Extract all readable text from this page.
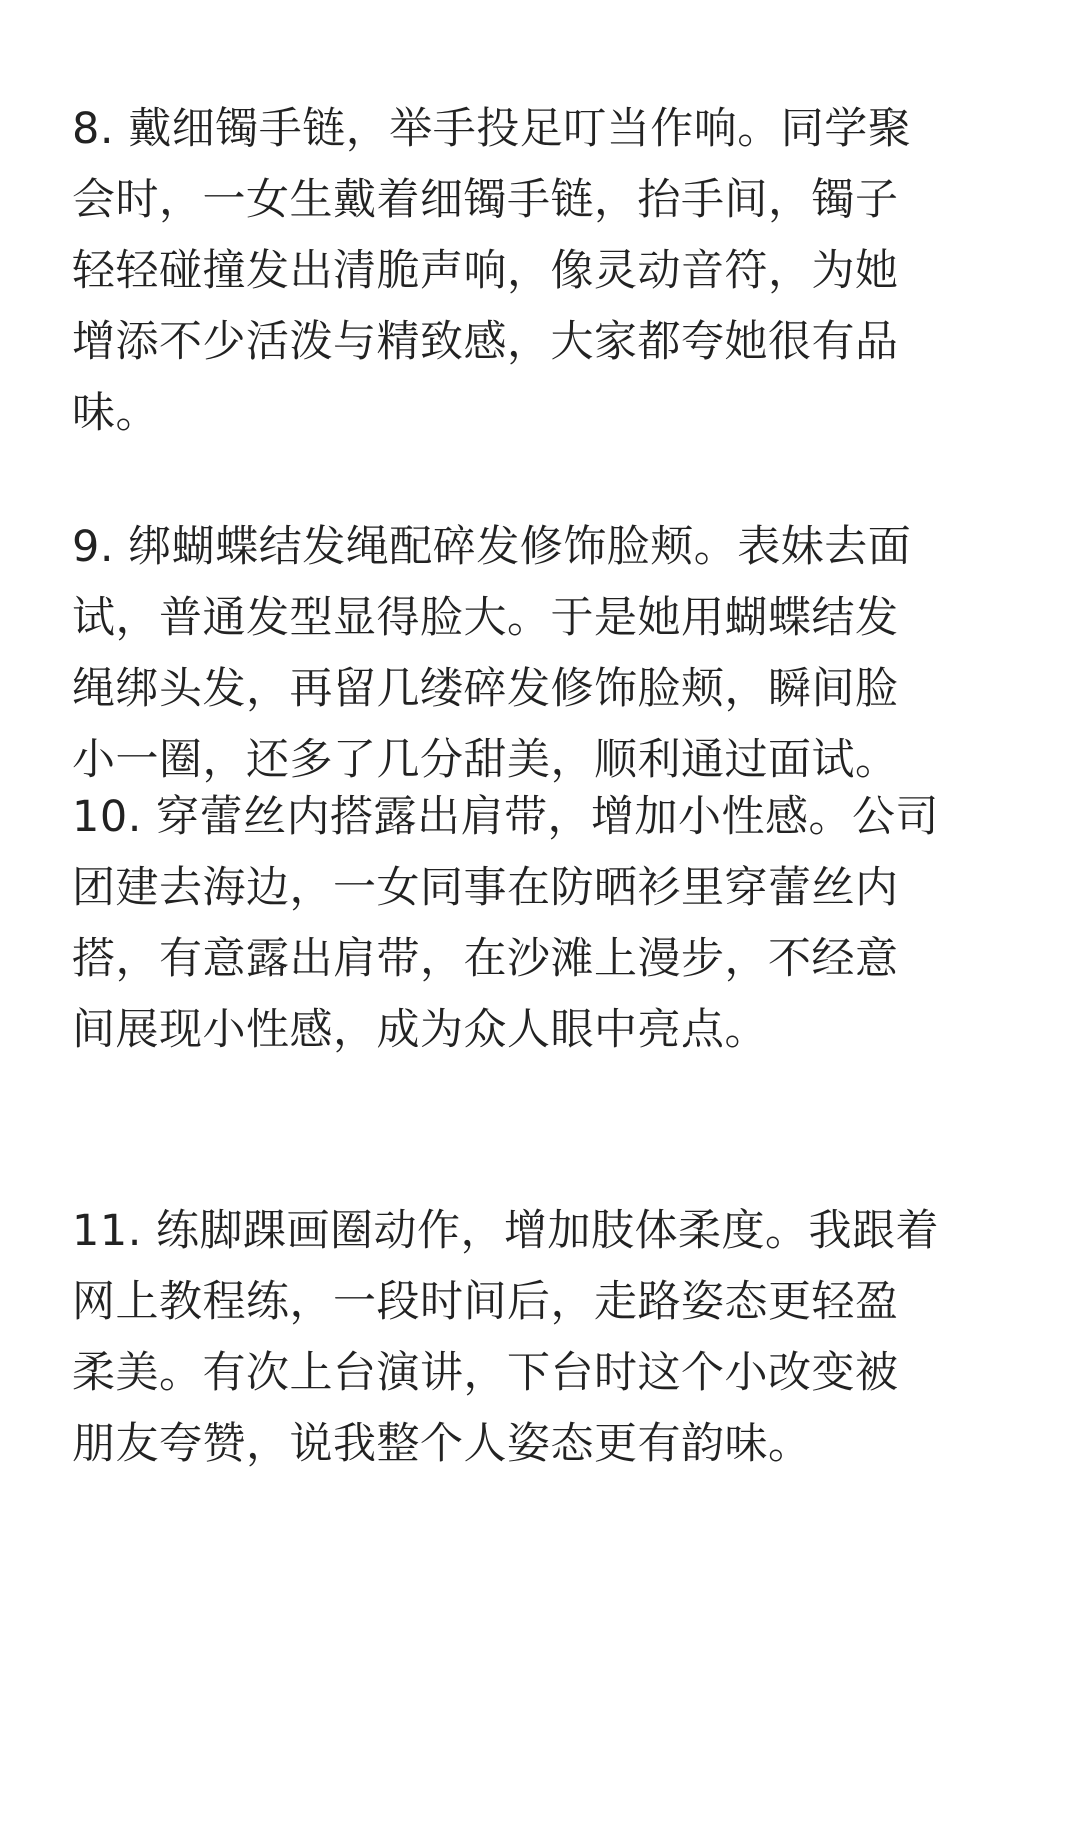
8. 戴细镯手链，举手投足叮当作响。同学聚
会时，一女生戴着细镯手链，抬手间，镯子
轻轻碰撞发出清脆声响，像灵动音符，为她
增添不少活泼与精致感，大家都夸她很有品
味。

9. 绑蝴蝶结发绳配碎发修饰脸颊。表妹去面
试，普通发型显得脸大。于是她用蝴蝶结发
绳绑头发，再留几缕碎发修饰脸颊，瞬间脸
小一圈，还多了几分甜美，顺利通过面试。

10. 穿蕾丝内搭露出肩带，增加小性感。公司
团建去海边，一女同事在防晒衫里穿蕾丝内
搭，有意露出肩带，在沙滩上漫步，不经意
间展现小性感，成为众人眼中亮点。

11. 练脚踝画圈动作，增加肢体柔度。我跟着
网上教程练，一段时间后，走路姿态更轻盈
柔美。有次上台演讲，下台时这个小改变被
朋友夸赞，说我整个人姿态更有韵味。
